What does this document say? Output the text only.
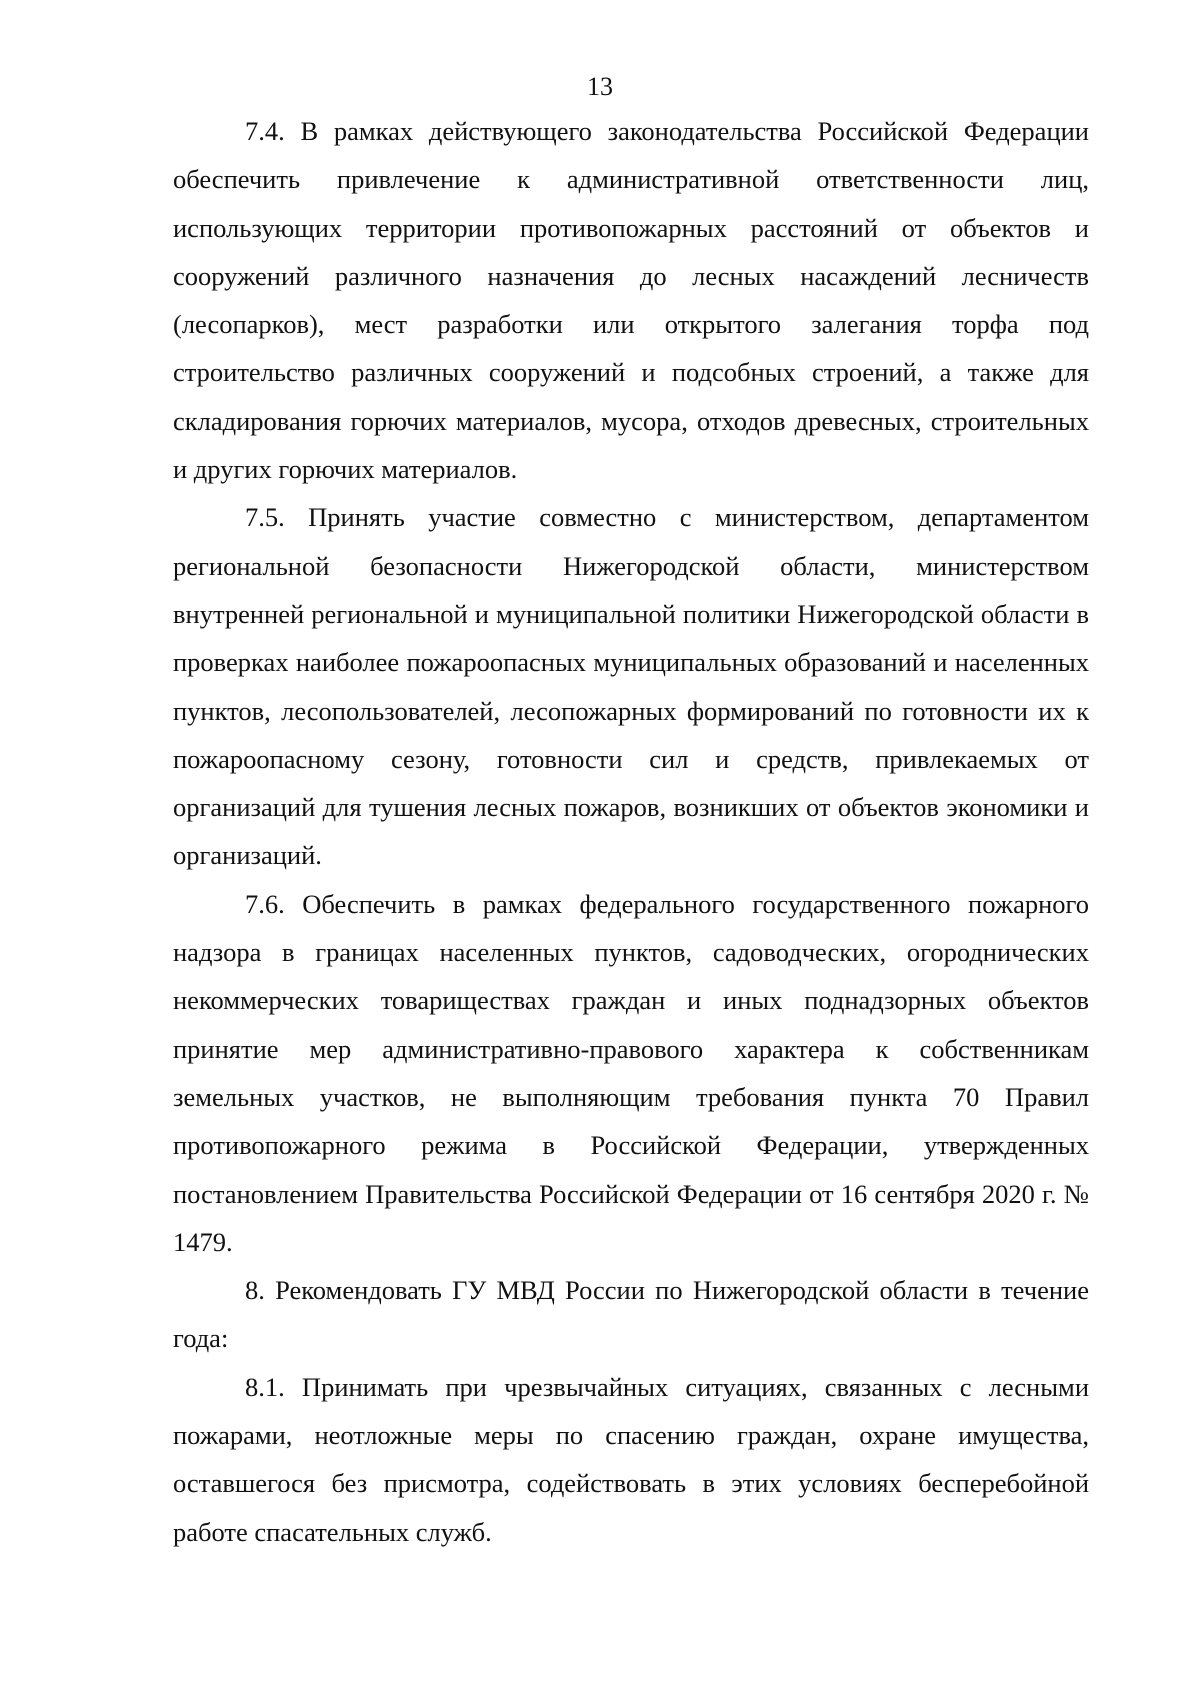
13

7.4. В рамках действующего законодательства Российской Федерации обеспечить привлечение к административной ответственности лиц, использующих территории противопожарных расстояний от объектов и сооружений различного назначения до лесных насаждений лесничеств (лесопарков), мест разработки или открытого залегания торфа под строительство различных сооружений и подсобных строений, а также для складирования горючих материалов, мусора, отходов древесных, строительных и других горючих материалов.

7.5. Принять участие совместно с министерством, департаментом региональной безопасности Нижегородской области, министерством внутренней региональной и муниципальной политики Нижегородской области в проверках наиболее пожароопасных муниципальных образований и населенных пунктов, лесопользователей, лесопожарных формирований по готовности их к пожароопасному сезону, готовности сил и средств, привлекаемых от организаций для тушения лесных пожаров, возникших от объектов экономики и организаций.

7.6. Обеспечить в рамках федерального государственного пожарного надзора в границах населенных пунктов, садоводческих, огороднических некоммерческих товариществах граждан и иных поднадзорных объектов принятие мер административно-правового характера к собственникам земельных участков, не выполняющим требования пункта 70 Правил противопожарного режима в Российской Федерации, утвержденных постановлением Правительства Российской Федерации от 16 сентября 2020 г. № 1479.

8. Рекомендовать ГУ МВД России по Нижегородской области в течение года:

8.1. Принимать при чрезвычайных ситуациях, связанных с лесными пожарами, неотложные меры по спасению граждан, охране имущества, оставшегося без присмотра, содействовать в этих условиях бесперебойной работе спасательных служб.
